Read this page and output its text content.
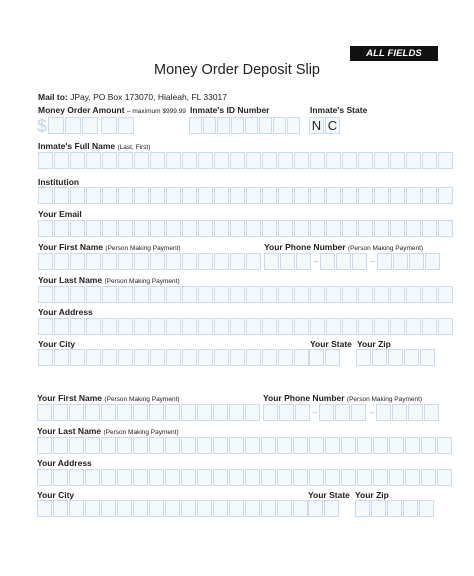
ALL FIELDS REQUIRED
Money Order Deposit Slip
Mail to: JPay, PO Box 173070, Hialeah, FL 33017
Money Order Amount – maximum $999.99
$
Inmate's ID Number	Inmate's State
N C
Inmate's Full Name (Last, First)
Institution
Your Email
Your First Name (Person Making Payment)	Your Phone Number (Person Making Payment)
–	–
Your Last Name (Person Making Payment)
Your Address
Your City	Your State Your Zip
Your First Name (Person Making Payment)	Your Phone Number (Person Making Payment)
–	–
Your Last Name (Person Making Payment)
Your Address
Your City	Your State Your Zip
